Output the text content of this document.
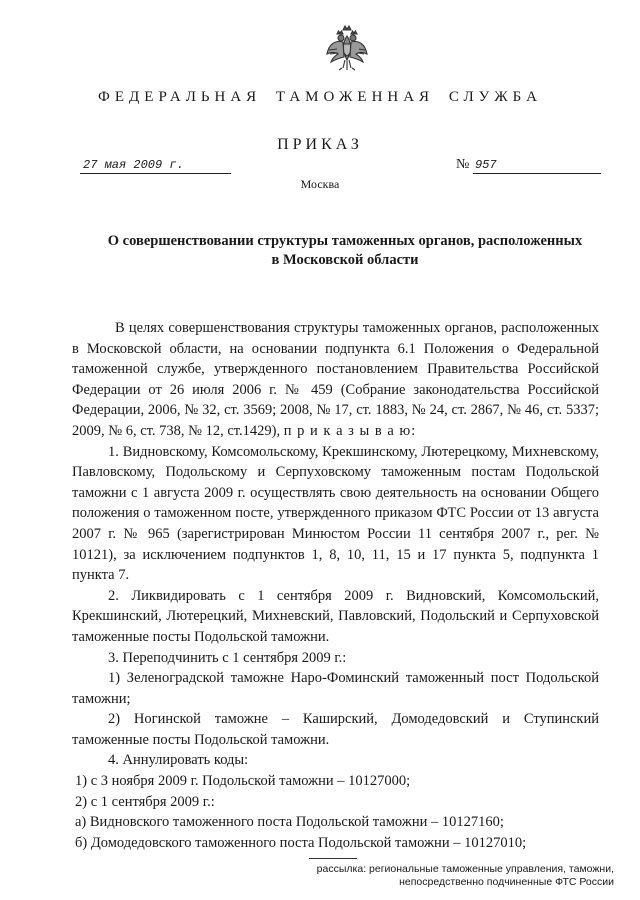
ФЕДЕРАЛЬНАЯ ТАМОЖЕННАЯ СЛУЖБА
ПРИКАЗ
27 мая 2009 г.	№ 957
Москва
О совершенствовании структуры таможенных органов, расположенных
в Московской области

В целях совершенствования структуры таможенных органов, расположенных в Московской области, на основании подпункта 6.1 Положения о Федеральной таможенной службе, утвержденного постановлением Правительства Российской Федерации от 26 июля 2006 г. № 459 (Собрание законодательства Российской Федерации, 2006, № 32, ст. 3569; 2008, № 17, ст. 1883, № 24, ст. 2867, № 46, ст. 5337; 2009, № 6, ст. 738, № 12, ст.1429), п р и к а з ы в а ю:

1. Видновскому, Комсомольскому, Крекшинскому, Лютерецкому, Михневскому, Павловскому, Подольскому и Серпуховскому таможенным постам Подольской таможни с 1 августа 2009 г. осуществлять свою деятельность на основании Общего положения о таможенном посте, утвержденного приказом ФТС России от 13 августа 2007 г. № 965 (зарегистрирован Минюстом России 11 сентября 2007 г., рег. № 10121), за исключением подпунктов 1, 8, 10, 11, 15 и 17 пункта 5, подпункта 1 пункта 7.

2. Ликвидировать с 1 сентября 2009 г. Видновский, Комсомольский, Крекшинский, Лютерецкий, Михневский, Павловский, Подольский и Серпуховской таможенные посты Подольской таможни.

3. Переподчинить с 1 сентября 2009 г.:

1) Зеленоградской таможне Наро-Фоминский таможенный пост Подольской таможни;

2) Ногинской таможне – Каширский, Домодедовский и Ступинский таможенные посты Подольской таможни.

4. Аннулировать коды:

1) с 3 ноября 2009 г. Подольской таможни – 10127000;

2) с 1 сентября 2009 г.:

а) Видновского таможенного поста Подольской таможни – 10127160;

б) Домодедовского таможенного поста Подольской таможни – 10127010;

рассылка: региональные таможенные управления, таможни,
непосредственно подчиненные ФТС России
